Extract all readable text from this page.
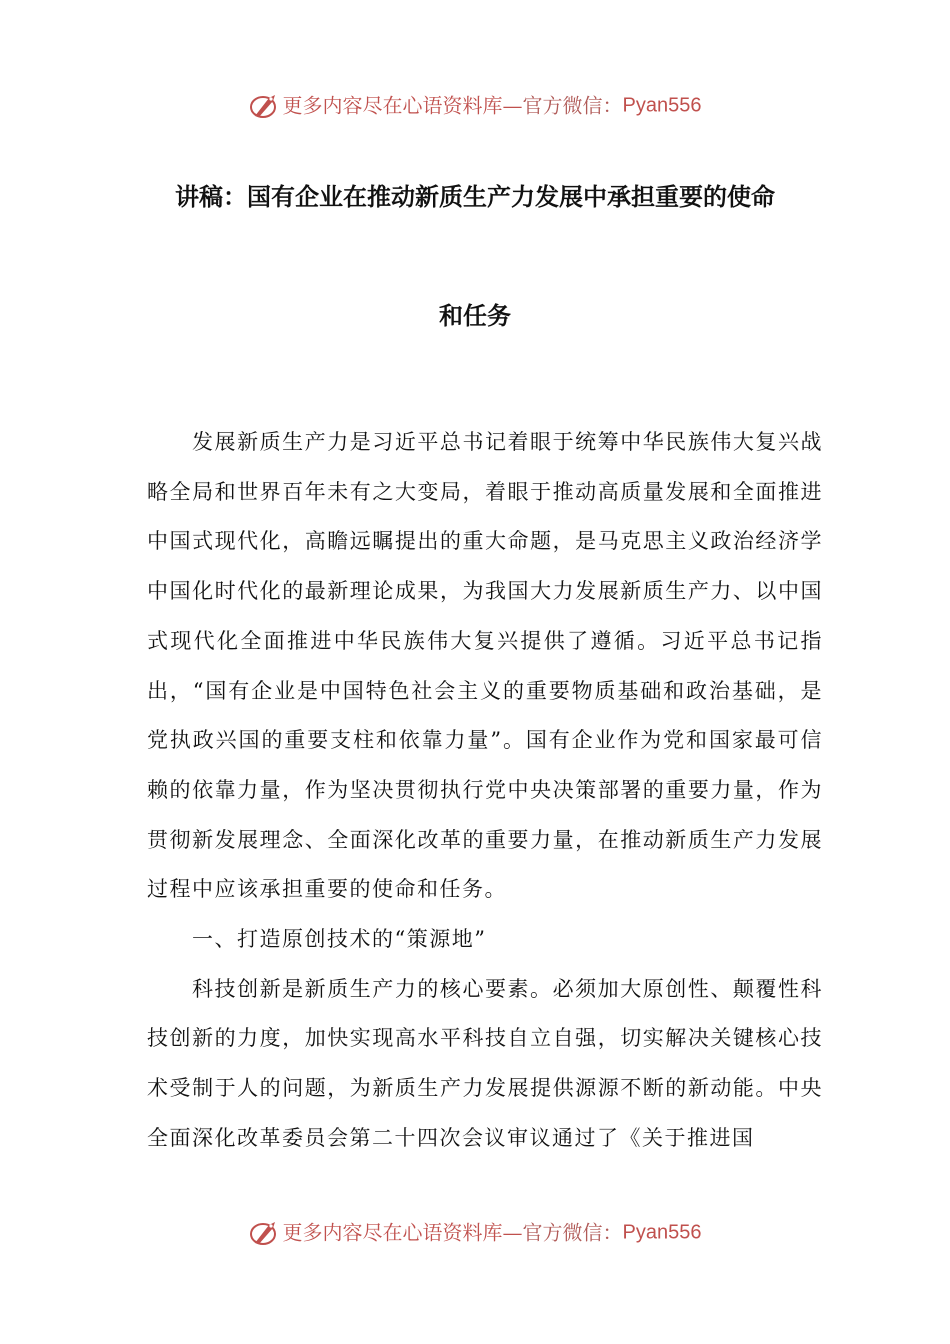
更多内容尽在心语资料库—官方微信：Pyan556
讲稿：国有企业在推动新质生产力发展中承担重要的使命
和任务

发展新质生产力是习近平总书记着眼于统筹中华民族伟大复兴战略全局和世界百年未有之大变局，着眼于推动高质量发展和全面推进中国式现代化，高瞻远瞩提出的重大命题，是马克思主义政治经济学中国化时代化的最新理论成果，为我国大力发展新质生产力、以中国式现代化全面推进中华民族伟大复兴提供了遵循。习近平总书记指出，“国有企业是中国特色社会主义的重要物质基础和政治基础，是党执政兴国的重要支柱和依靠力量”。国有企业作为党和国家最可信赖的依靠力量，作为坚决贯彻执行党中央决策部署的重要力量，作为贯彻新发展理念、全面深化改革的重要力量，在推动新质生产力发展过程中应该承担重要的使命和任务。

一、打造原创技术的“策源地”

科技创新是新质生产力的核心要素。必须加大原创性、颠覆性科技创新的力度，加快实现高水平科技自立自强，切实解决关键核心技术受制于人的问题，为新质生产力发展提供源源不断的新动能。中央全面深化改革委员会第二十四次会议审议通过了《关于推进国

更多内容尽在心语资料库—官方微信：Pyan556
